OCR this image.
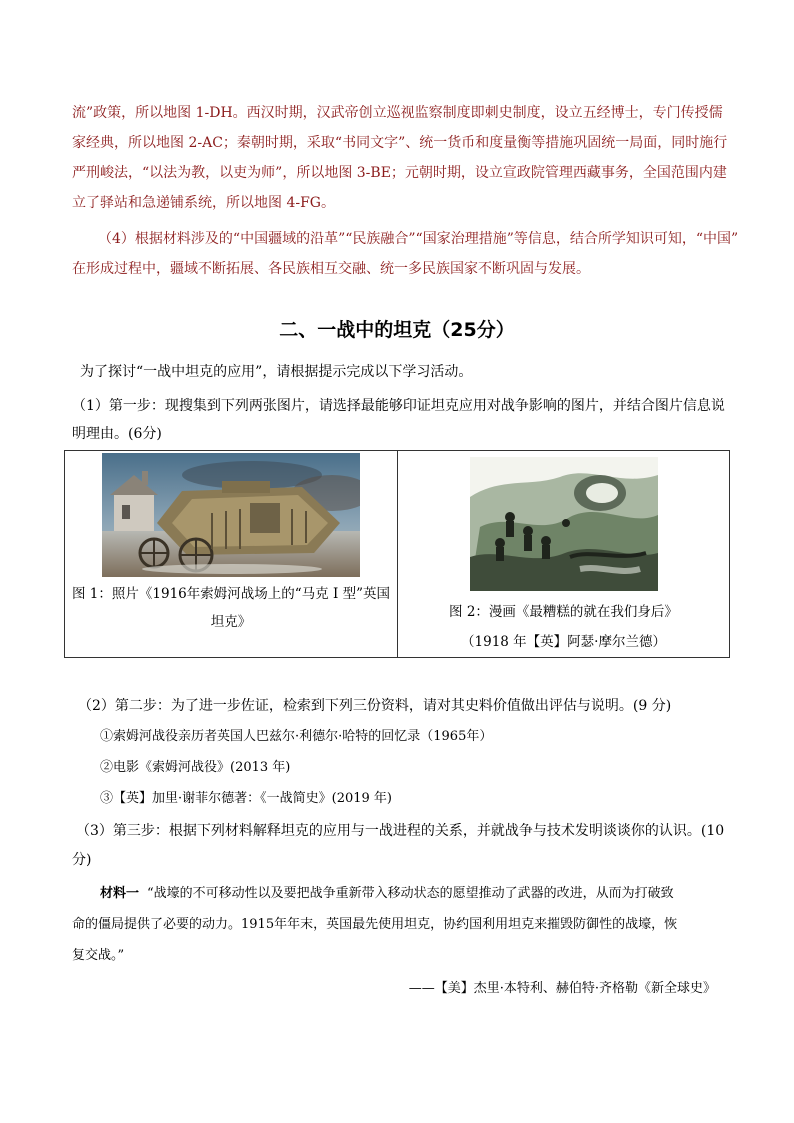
流”政策，所以地图 1-DH。西汉时期，汉武帝创立巡视监察制度即刺史制度，设立五经博士，专门传授儒
家经典，所以地图 2-AC；秦朝时期，采取“书同文字”、统一货币和度量衡等措施巩固统一局面，同时施行
严刑峻法，“以法为教，以吏为师”，所以地图 3-BE；元朝时期，设立宣政院管理西藏事务，全国范围内建
立了驿站和急递铺系统，所以地图 4-FG。
（4）根据材料涉及的“中国疆域的沿革”“民族融合”“国家治理措施”等信息，结合所学知识可知，“中国”
在形成过程中，疆域不断拓展、各民族相互交融、统一多民族国家不断巩固与发展。
二、一战中的坦克（25分）
为了探讨“一战中坦克的应用”，请根据提示完成以下学习活动。
（1）第一步：现搜集到下列两张图片，请选择最能够印证坦克应用对战争影响的图片，并结合图片信息说
明理由。(6分)
图 1：照片《1916年索姆河战场上的“马克 I 型”英国
坦克》

图 2：漫画《最糟糕的就在我们身后》
（1918 年【英】阿瑟·摩尔兰德）
（2）第二步：为了进一步佐证，检索到下列三份资料，请对其史料价值做出评估与说明。(9 分)
①索姆河战役亲历者英国人巴兹尔·利德尔·哈特的回忆录（1965年）
②电影《索姆河战役》(2013 年)
③【英】加里·谢菲尔德著：《一战简史》(2019 年)
（3）第三步：根据下列材料解释坦克的应用与一战进程的关系，并就战争与技术发明谈谈你的认识。(10
分)
材料一 “战壕的不可移动性以及要把战争重新带入移动状态的愿望推动了武器的改进，从而为打破致
命的僵局提供了必要的动力。1915年年末，英国最先使用坦克，协约国利用坦克来摧毁防御性的战壕，恢
复交战。”
——【美】杰里·本特利、赫伯特·齐格勒《新全球史》
